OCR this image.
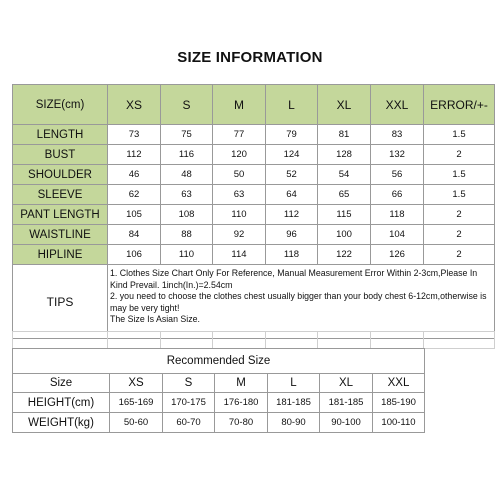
SIZE INFORMATION
SIZE(cm)	XS	S	M	L	XL	XXL	ERROR/+-
LENGTH	73	75	77	79	81	83	1.5
BUST	112	116	120	124	128	132	2
SHOULDER	46	48	50	52	54	56	1.5
SLEEVE	62	63	63	64	65	66	1.5
PANT LENGTH	105	108	110	112	115	118	2
WAISTLINE	84	88	92	96	100	104	2
HIPLINE	106	110	114	118	122	126	2
TIPS	1. Clothes Size Chart Only For Reference, Manual Measurement Error Within 2-3cm,Please In Kind Prevail. 1inch(In.)=2.54cm
2. you need to choose the clothes chest usually bigger than your body chest 6-12cm,otherwise is may be very tight!
The Size Is Asian Size.						

Recommended Size						
Size	XS	S	M	L	XL	XXL
HEIGHT(cm)	165-169	170-175	176-180	181-185	181-185	185-190
WEIGHT(kg)	50-60	60-70	70-80	80-90	90-100	100-110
